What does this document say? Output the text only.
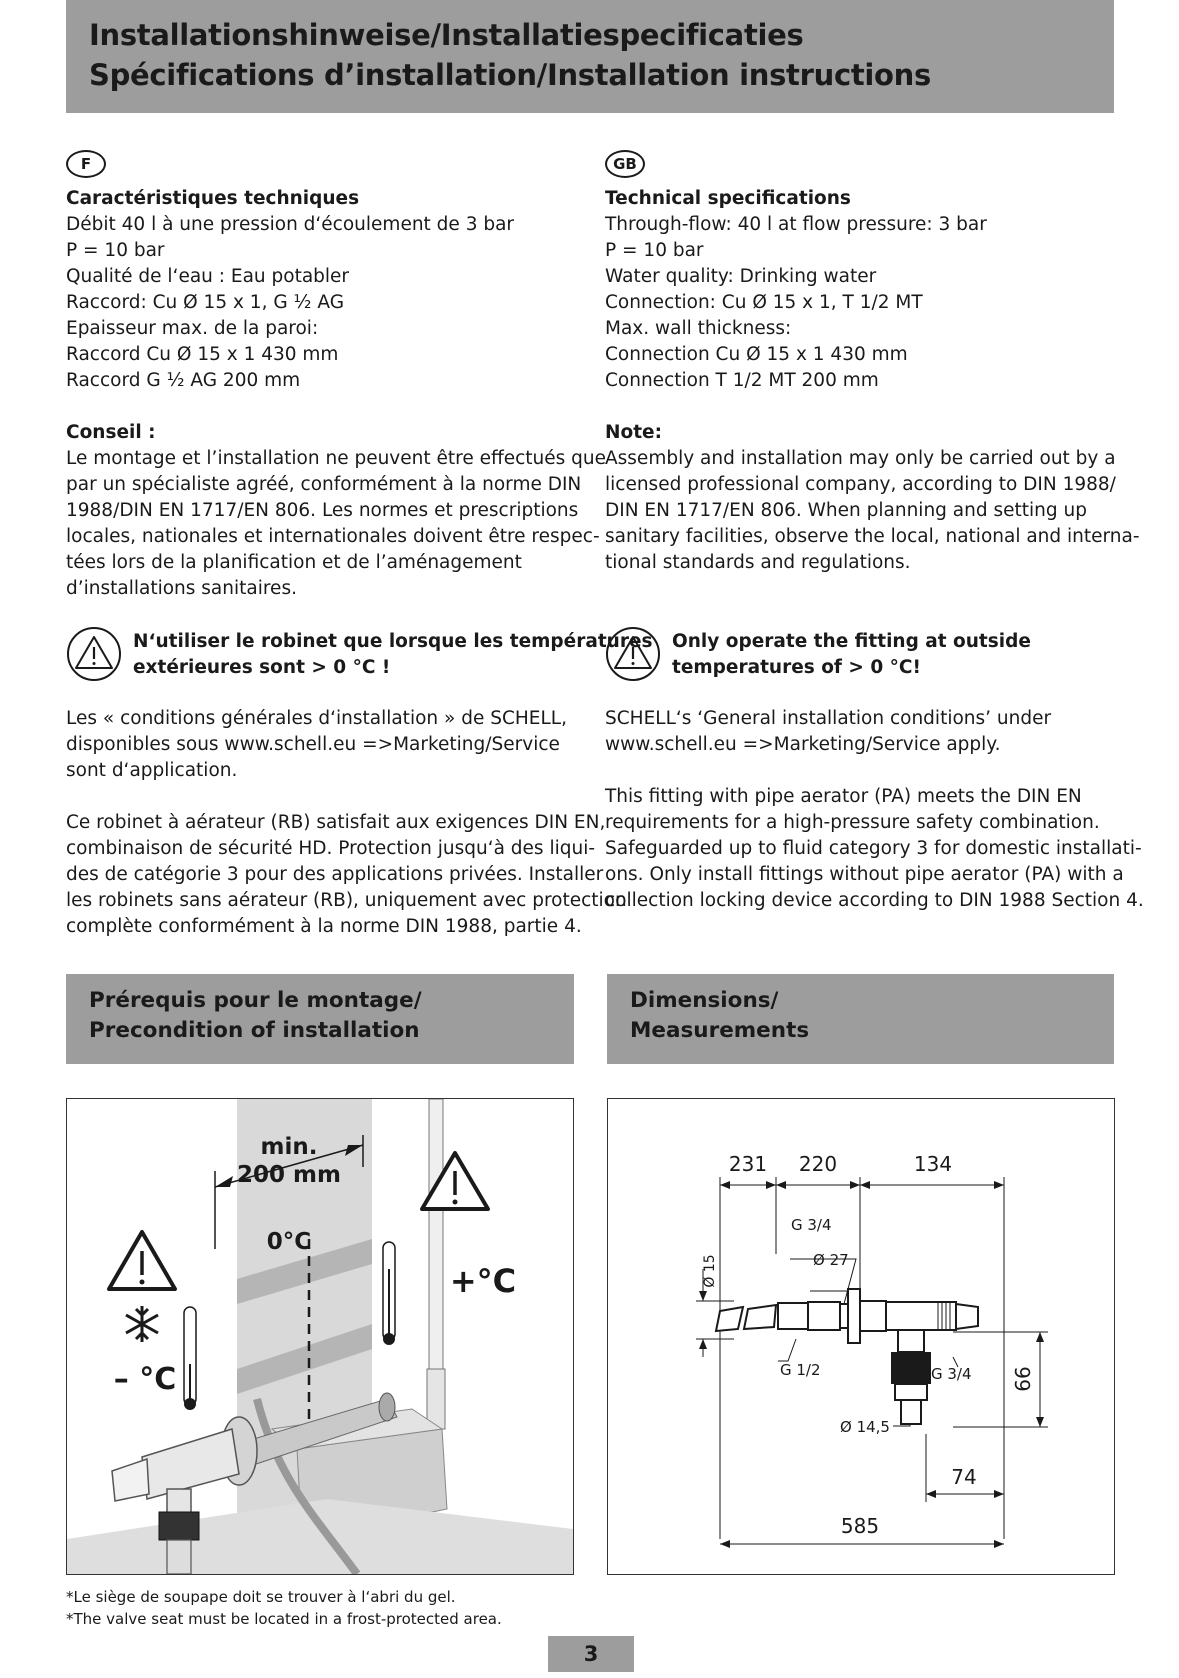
Installationshinweise/Installatiespecificaties
Spécifications d’installation/Installation instructions
F
Caractéristiques techniques
Débit 40 l à une pression d‘écoulement de 3 bar
P = 10 bar
Qualité de l‘eau : Eau potabler
Raccord: Cu Ø 15 x 1, G ½ AG
Epaisseur max. de la paroi:
Raccord Cu Ø 15 x 1 430 mm
Raccord G ½ AG 200 mm
Conseil :
Le montage et l’installation ne peuvent être effectués que
par un spécialiste agréé, conformément à la norme DIN
1988/DIN EN 1717/EN 806. Les normes et prescriptions
locales, nationales et internationales doivent être respec-
tées lors de la planification et de l’aménagement
d’installations sanitaires.
N‘utiliser le robinet que lorsque les températures
extérieures sont > 0 °C !
Les « conditions générales d‘installation » de SCHELL,
disponibles sous www.schell.eu =>Marketing/Service
sont d‘application.
Ce robinet à aérateur (RB) satisfait aux exigences DIN EN,
combinaison de sécurité HD. Protection jusqu‘à des liqui-
des de catégorie 3 pour des applications privées. Installer
les robinets sans aérateur (RB), uniquement avec protection
complète conformément à la norme DIN 1988, partie 4.
GB
Technical specifications
Through-flow: 40 l at flow pressure: 3 bar
P = 10 bar
Water quality: Drinking water
Connection: Cu Ø 15 x 1, T 1/2 MT
Max. wall thickness:
Connection Cu Ø 15 x 1 430 mm
Connection T 1/2 MT 200 mm
Note:
Assembly and installation may only be carried out by a
licensed professional company, according to DIN 1988/
DIN EN 1717/EN 806. When planning and setting up
sanitary facilities, observe the local, national and interna-
tional standards and regulations.
Only operate the fitting at outside
temperatures of > 0 °C!
SCHELL‘s ‘General installation conditions’ under
www.schell.eu =>Marketing/Service apply.
This fitting with pipe aerator (PA) meets the DIN EN
requirements for a high-pressure safety combination.
Safeguarded up to fluid category 3 for domestic installati-
ons. Only install fittings without pipe aerator (PA) with a
collection locking device according to DIN 1988 Section 4.
Prérequis pour le montage/
Precondition of installation
Dimensions/
Measurements
min.
200 mm
0°C
– °C
+°C
231 220	134
G 3/4
Ø 27
Ø 15
G 1/2	G 3/4 66
Ø 14,5
74
585
*Le siège de soupape doit se trouver à l‘abri du gel.
*The valve seat must be located in a frost-protected area.
3
